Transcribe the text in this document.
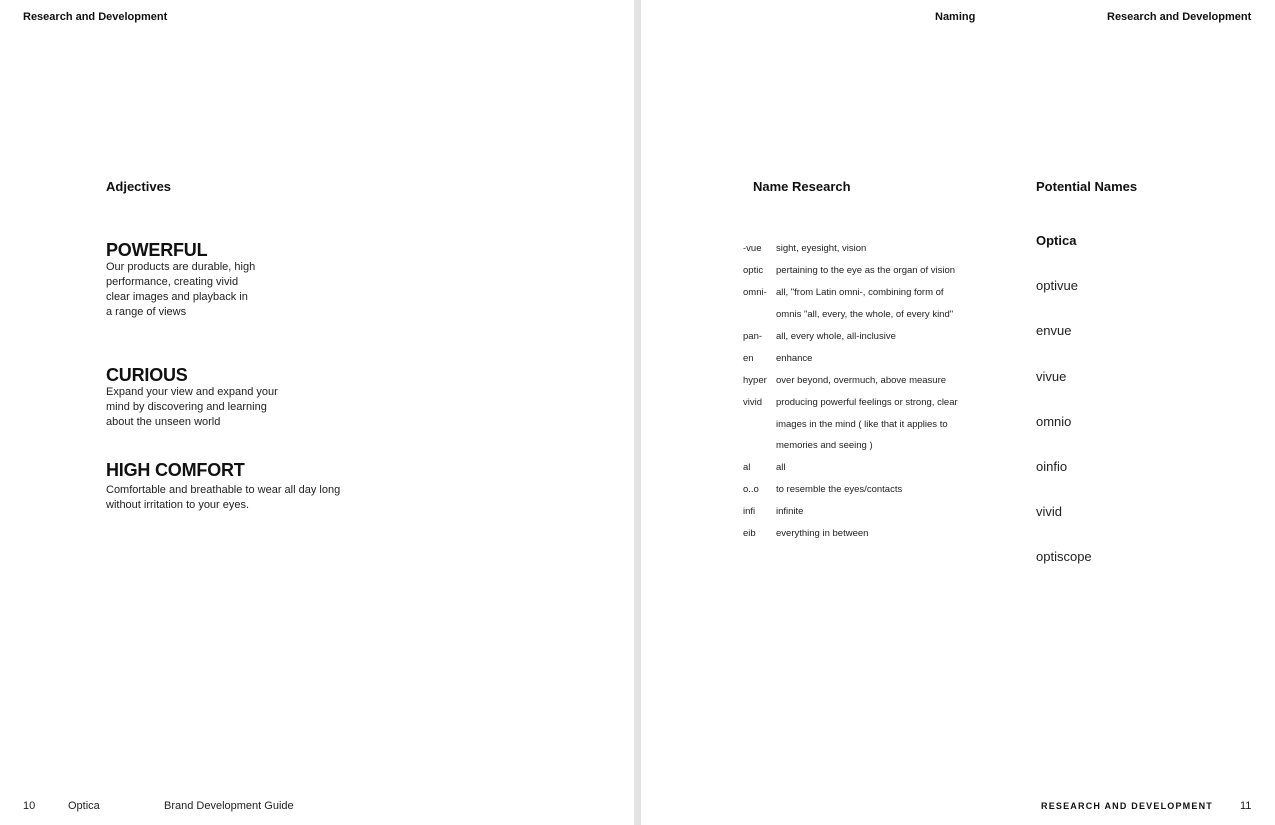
Research and Development

Adjectives

POWERFUL

Our products are durable, high performance, creating vivid clear images and playback in a range of views

CURIOUS

Expand your view and expand your mind by discovering and learning about the unseen world

HIGH COMFORT

Comfortable and breathable to wear all day long without irritation to your eyes.

10	Optica	Brand Development Guide

Naming	Research and Development

Name Research	Potential Names

-vue	sight, eyesight, vision
optic	pertaining to the eye as the organ of vision
omni-	all, "from Latin omni-, combining form of
	omnis "all, every, the whole, of every kind"
pan-	all, every whole, all-inclusive
en	enhance
hyper	over beyond, overmuch, above measure
vivid	producing powerful feelings or strong, clear
	images in the mind ( like that it applies to
	memories and seeing )
al	all
o..o	to resemble the eyes/contacts
infi	infinite
eib	everything in between
Optica
optivue
envue
vivue
omnio
oinfio
vivid
optiscope

RESEARCH AND DEVELOPMENT 11
